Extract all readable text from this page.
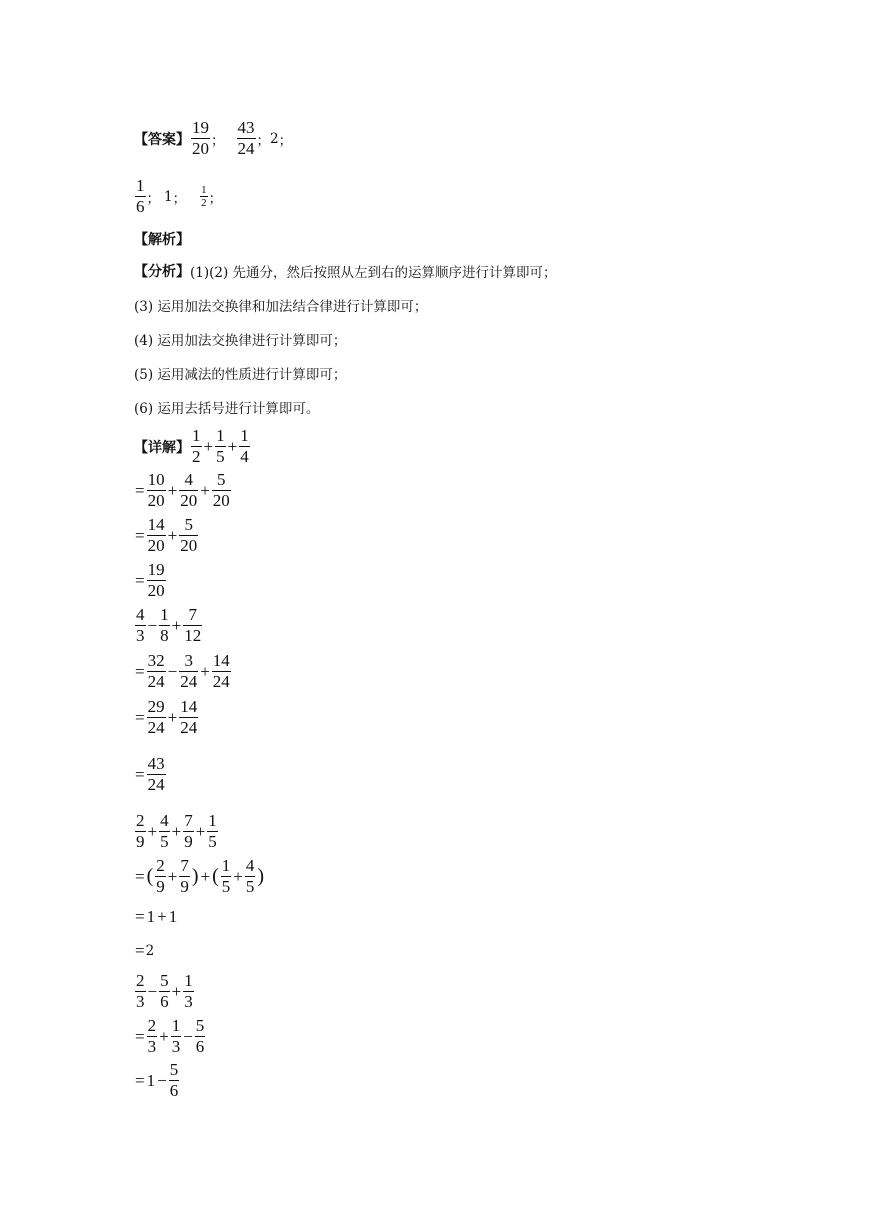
【 答案 】 $\frac{19}{20}$ ； $\frac{43}{24}$ ； 2 ；
$\frac{1}{6}$ ； 1 ； $\frac{1}{2}$ ；
【解析】
【分析】 (1)(2) 先通分，然后按照从左到右的运算顺序进行计算即可；
(3) 运用加法交换律和加法结合律进行计算即可；
(4) 运用加法交换律进行计算即可；
(5) 运用减法的性质进行计算即可；
(6) 运用去括号进行计算即可。
【详解】 $\frac{1}{2} + \frac{1}{5} + \frac{1}{4}$
= $\frac{10}{20} + \frac{4}{20} + \frac{5}{20}$
= $\frac{14}{20} + \frac{5}{20}$
= $\frac{19}{20}$
$\frac{4}{3} - \frac{1}{8} + \frac{7}{12}$
= $\frac{32}{24} - \frac{3}{24} + \frac{14}{24}$
= $\frac{29}{24} + \frac{14}{24}$
= $\frac{43}{24}$
$\frac{2}{9} + \frac{4}{5} + \frac{7}{9} + \frac{1}{5}$
= ( $\frac{2}{9} + \frac{7}{9}$ ) + ( $\frac{1}{5} + \frac{4}{5}$ )
= 1 + 1
= 2
$\frac{2}{3} - \frac{5}{6} + \frac{1}{3}$
= $\frac{2}{3} + \frac{1}{3} - \frac{5}{6}$
= $1 - \frac{5}{6}$
